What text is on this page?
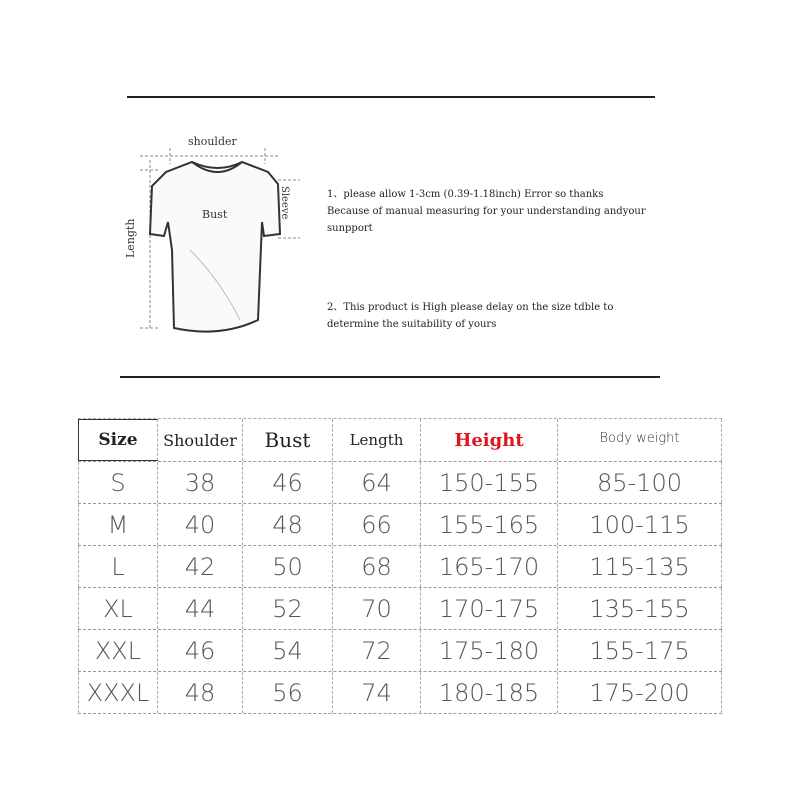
shoulder
Bust
Length
Sleeve	1、please allow 1-3cm (0.39-1.18inch) Error so thanks
Because of manual measuring for your understanding andyour
sunpport

2、This product is High please delay on the size tdble to
determine the suitability of yours

Size	Shoulder	Bust	Length	Height	Body weight
S	38	46	64	150-155	85-100
M	40	48	66	155-165	100-115
L	42	50	68	165-170	115-135
XL	44	52	70	170-175	135-155
XXL	46	54	72	175-180	155-175
XXXL	48	56	74	180-185	175-200
